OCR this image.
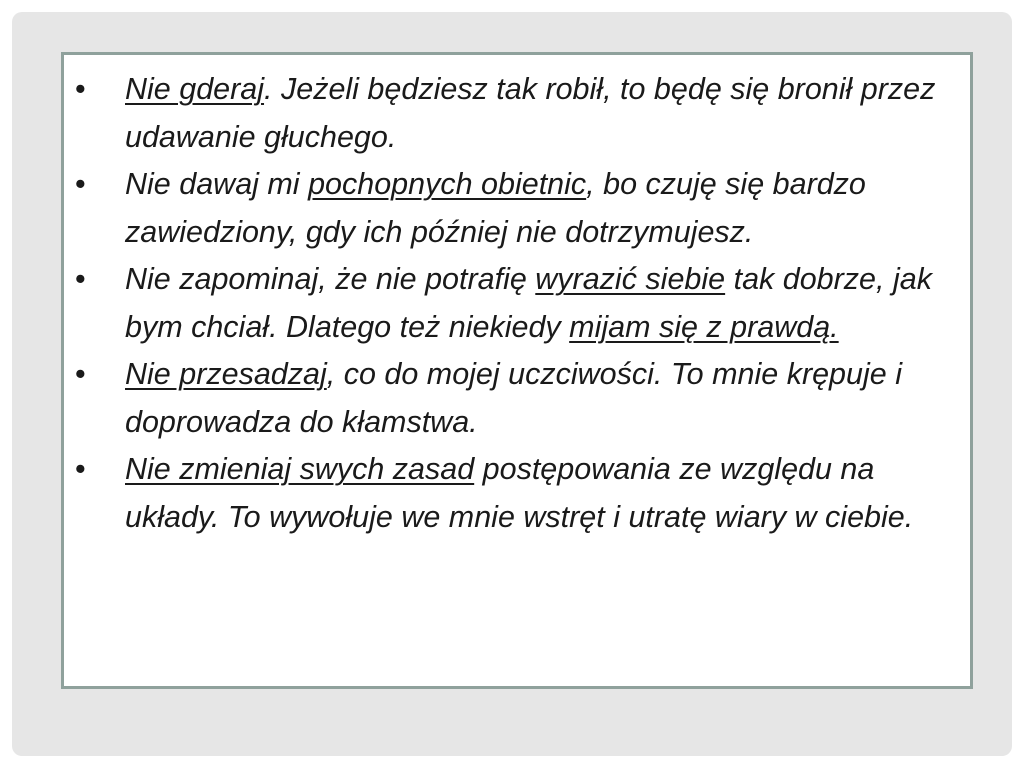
• Nie gderaj. Jeżeli będziesz tak robił, to będę się bronił przez udawanie głuchego.
• Nie dawaj mi pochopnych obietnic, bo czuję się bardzo zawiedziony, gdy ich później nie dotrzymujesz.
• Nie zapominaj, że nie potrafię wyrazić siebie tak dobrze, jak bym chciał. Dlatego też niekiedy mijam się z prawdą.
• Nie przesadzaj, co do mojej uczciwości. To mnie krępuje i doprowadza do kłamstwa.
• Nie zmieniaj swych zasad postępowania ze względu na układy. To wywołuje we mnie wstręt i utratę wiary w ciebie.
